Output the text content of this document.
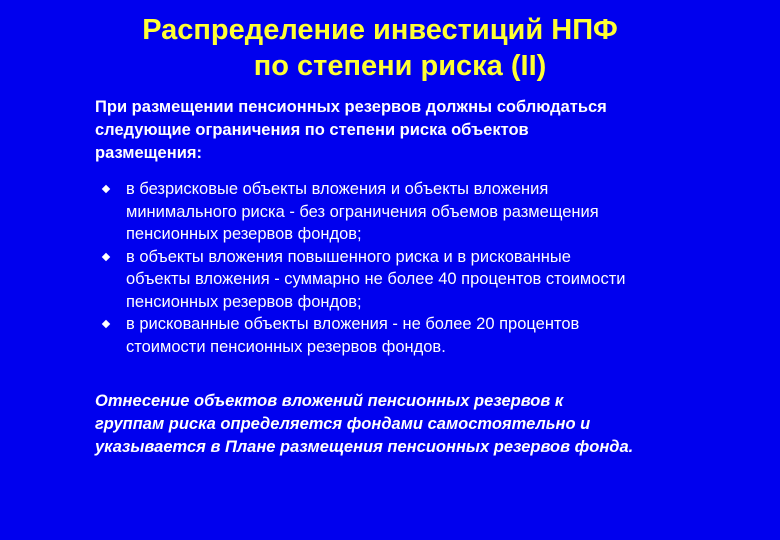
Распределение инвестиций НПФ
по степени риска (II)
При размещении пенсионных резервов должны соблюдаться
следующие ограничения по степени риска объектов
размещения:
в безрисковые объекты вложения и объекты вложения
минимального риска - без ограничения объемов размещения
пенсионных резервов фондов;
в объекты вложения повышенного риска и в рискованные
объекты вложения - суммарно не более 40 процентов стоимости
пенсионных резервов фондов;
в рискованные объекты вложения - не более 20 процентов
стоимости пенсионных резервов фондов.
Отнесение объектов вложений пенсионных резервов к
группам риска определяется фондами самостоятельно и
указывается в Плане размещения пенсионных резервов фонда.
